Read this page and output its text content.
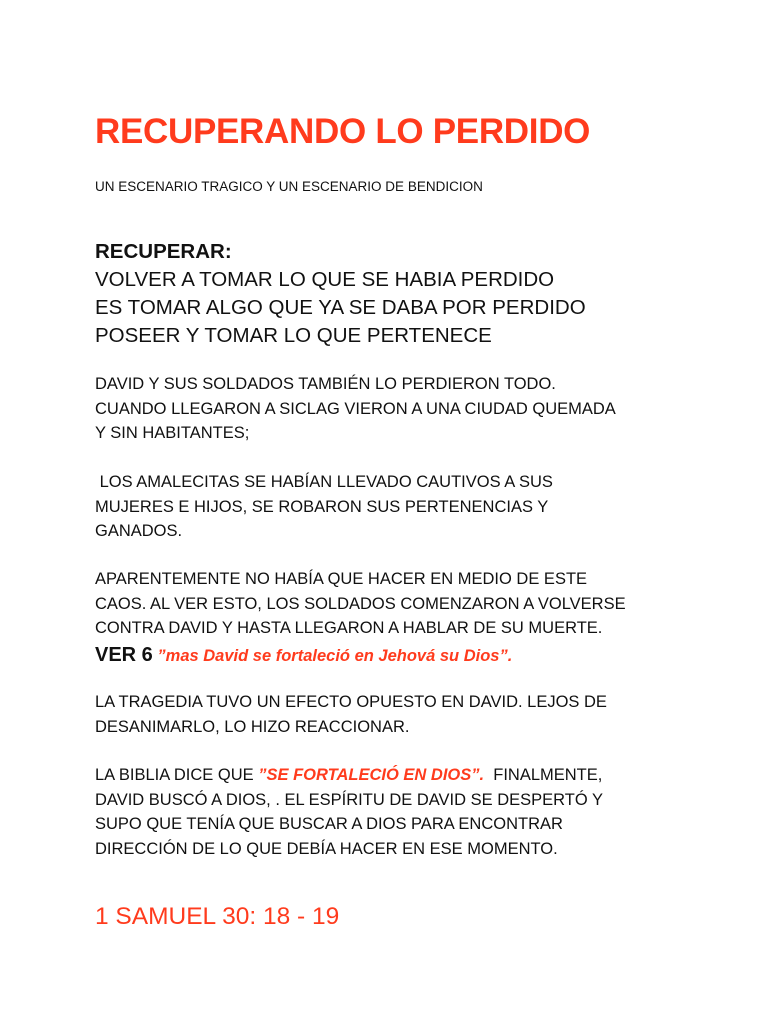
RECUPERANDO LO PERDIDO
UN ESCENARIO TRAGICO Y UN ESCENARIO DE BENDICION
RECUPERAR:
VOLVER A TOMAR LO QUE SE HABIA PERDIDO
ES TOMAR ALGO QUE YA SE DABA POR PERDIDO
POSEER Y TOMAR LO QUE PERTENECE
DAVID Y SUS SOLDADOS TAMBIÉN LO PERDIERON TODO.
CUANDO LLEGARON A SICLAG VIERON A UNA CIUDAD QUEMADA
Y SIN HABITANTES;
LOS AMALECITAS SE HABÍAN LLEVADO CAUTIVOS A SUS
MUJERES E HIJOS, SE ROBARON SUS PERTENENCIAS Y
GANADOS.
APARENTEMENTE NO HABÍA QUE HACER EN MEDIO DE ESTE
CAOS. AL VER ESTO, LOS SOLDADOS COMENZARON A VOLVERSE
CONTRA DAVID Y HASTA LLEGARON A HABLAR DE SU MUERTE.
VER 6 ”mas David se fortaleció en Jehová su Dios”.
LA TRAGEDIA TUVO UN EFECTO OPUESTO EN DAVID. LEJOS DE
DESANIMARLO, LO HIZO REACCIONAR.
LA BIBLIA DICE QUE ”SE FORTALECIÓ EN DIOS”.  FINALMENTE,
DAVID BUSCÓ A DIOS, . EL ESPÍRITU DE DAVID SE DESPERTÓ Y
SUPO QUE TENÍA QUE BUSCAR A DIOS PARA ENCONTRAR
DIRECCIÓN DE LO QUE DEBÍA HACER EN ESE MOMENTO.
1 SAMUEL 30: 18 - 19
